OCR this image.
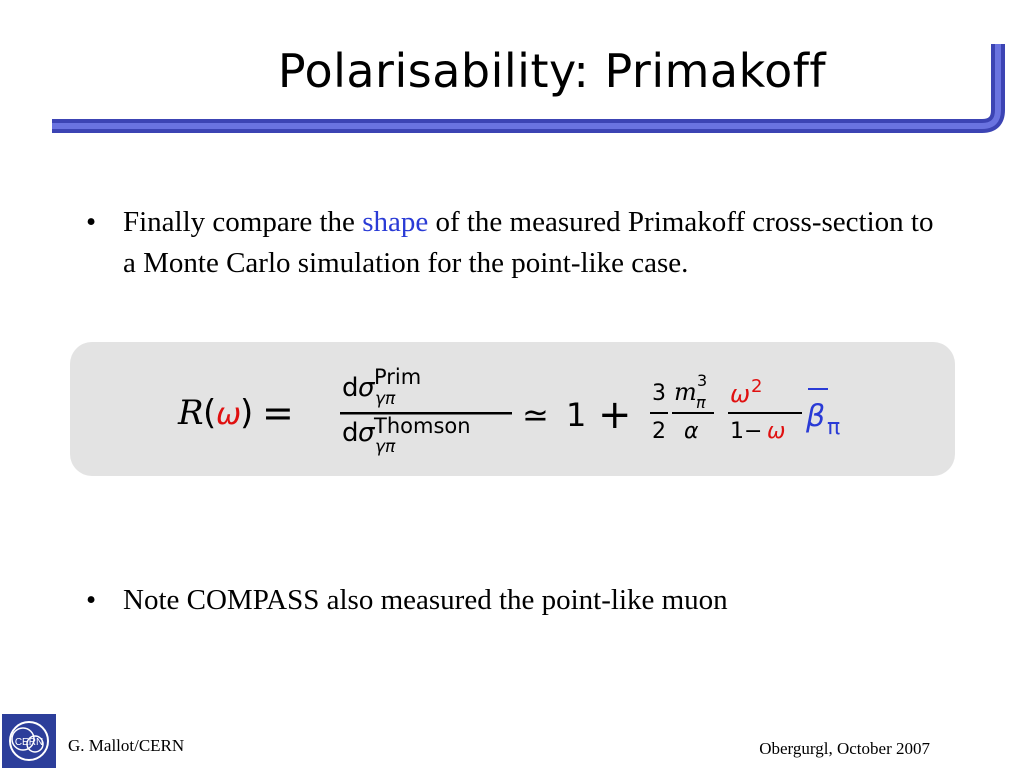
Polarisability: Primakoff
• Finally compare the shape of the measured Primakoff cross-section to a Monte Carlo simulation for the point-like case.
R ( ω
) =
d σ γπ
Prim
d σ γπ
Thomson ≃ 1 + 3
2
m π
3
α
ω 2
1− ω β π
• Note COMPASS also measured the point-like muon
CERN G. Mallot/CERN	Obergurgl, October 2007
